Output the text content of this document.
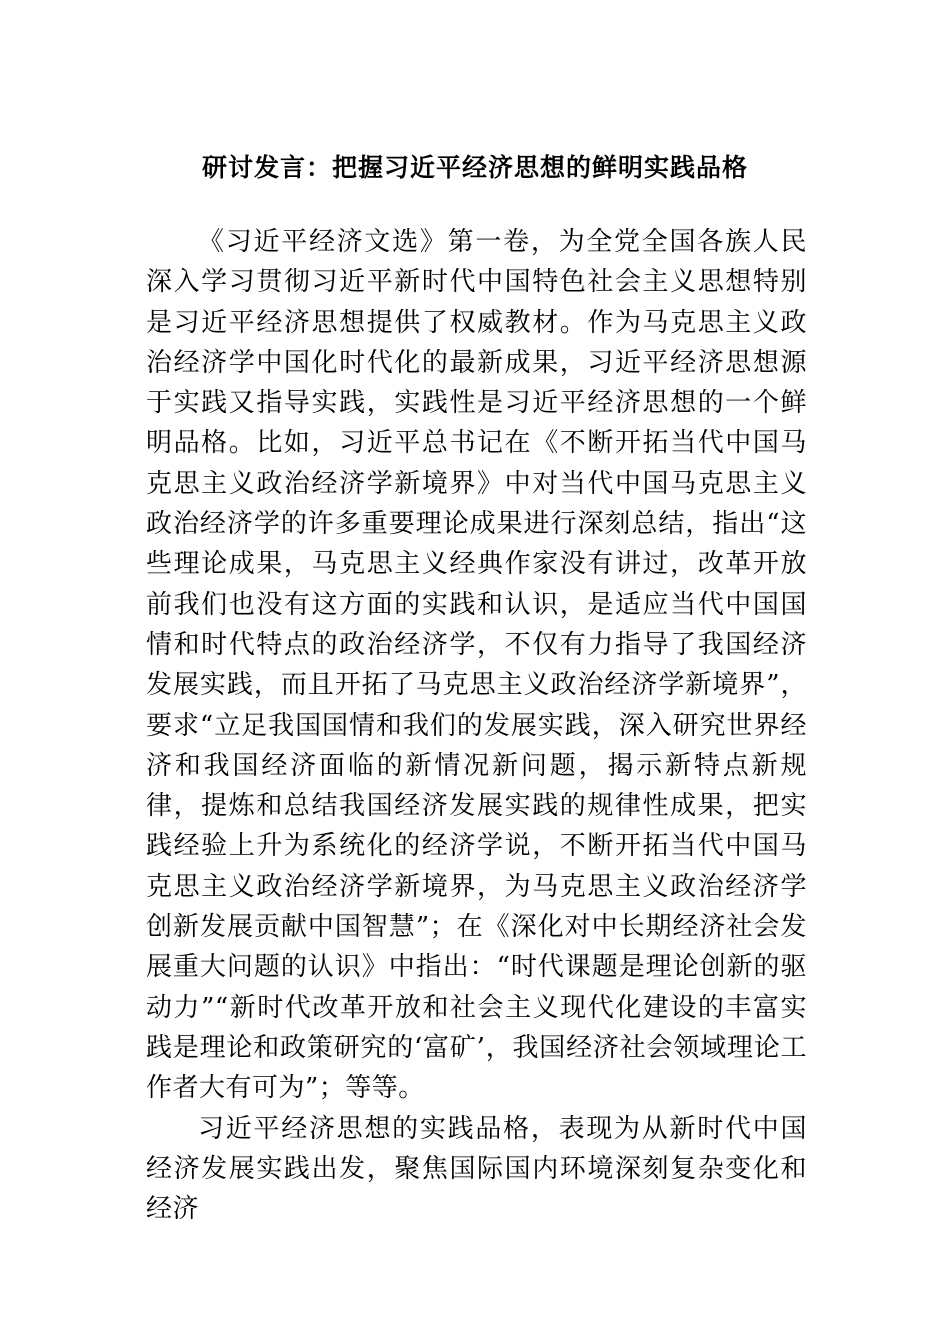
研讨发言：把握习近平经济思想的鲜明实践品格

《习近平经济文选》第一卷，为全党全国各族人民深入学习贯彻习近平新时代中国特色社会主义思想特别是习近平经济思想提供了权威教材。作为马克思主义政治经济学中国化时代化的最新成果，习近平经济思想源于实践又指导实践，实践性是习近平经济思想的一个鲜明品格。比如，习近平总书记在《不断开拓当代中国马克思主义政治经济学新境界》中对当代中国马克思主义政治经济学的许多重要理论成果进行深刻总结，指出“这些理论成果，马克思主义经典作家没有讲过，改革开放前我们也没有这方面的实践和认识，是适应当代中国国情和时代特点的政治经济学，不仅有力指导了我国经济发展实践，而且开拓了马克思主义政治经济学新境界”，要求“立足我国国情和我们的发展实践，深入研究世界经济和我国经济面临的新情况新问题，揭示新特点新规律，提炼和总结我国经济发展实践的规律性成果，把实践经验上升为系统化的经济学说，不断开拓当代中国马克思主义政治经济学新境界，为马克思主义政治经济学创新发展贡献中国智慧”；在《深化对中长期经济社会发展重大问题的认识》中指出：“时代课题是理论创新的驱动力”“新时代改革开放和社会主义现代化建设的丰富实践是理论和政策研究的‘富矿’，我国经济社会领域理论工作者大有可为”；等等。

习近平经济思想的实践品格，表现为从新时代中国经济发展实践出发，聚焦国际国内环境深刻复杂变化和经济
